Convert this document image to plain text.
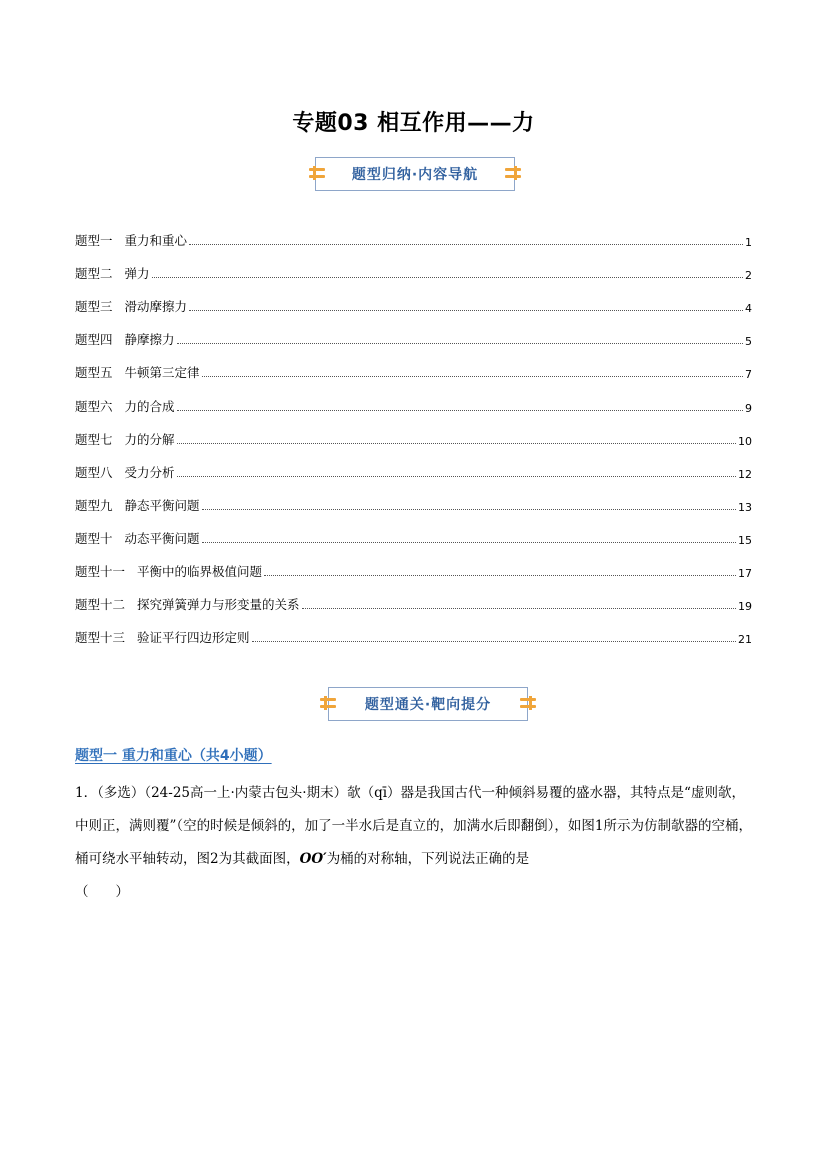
专题03 相互作用——力
题型归纳·内容导航
题型一 重力和重心	1
题型二 弹力	2
题型三 滑动摩擦力	4
题型四 静摩擦力	5
题型五 牛顿第三定律	7
题型六 力的合成	9
题型七 力的分解	10
题型八 受力分析	12
题型九 静态平衡问题	13
题型十 动态平衡问题	15
题型十一 平衡中的临界极值问题	17
题型十二 探究弹簧弹力与形变量的关系	19
题型十三 验证平行四边形定则	21
题型通关·靶向提分
题型一 重力和重心（共4小题）
1．（多选）（24-25高一上·内蒙古包头·期末）欹（qī）器是我国古代一种倾斜易覆的盛水器，其特点是“虚则欹，中则正，满则覆”（空的时候是倾斜的，加了一半水后是直立的，加满水后即翻倒），如图1所示为仿制欹器的空桶，桶可绕水平轴转动，图2为其截面图，OO′为桶的对称轴，下列说法正确的是
（　　）
